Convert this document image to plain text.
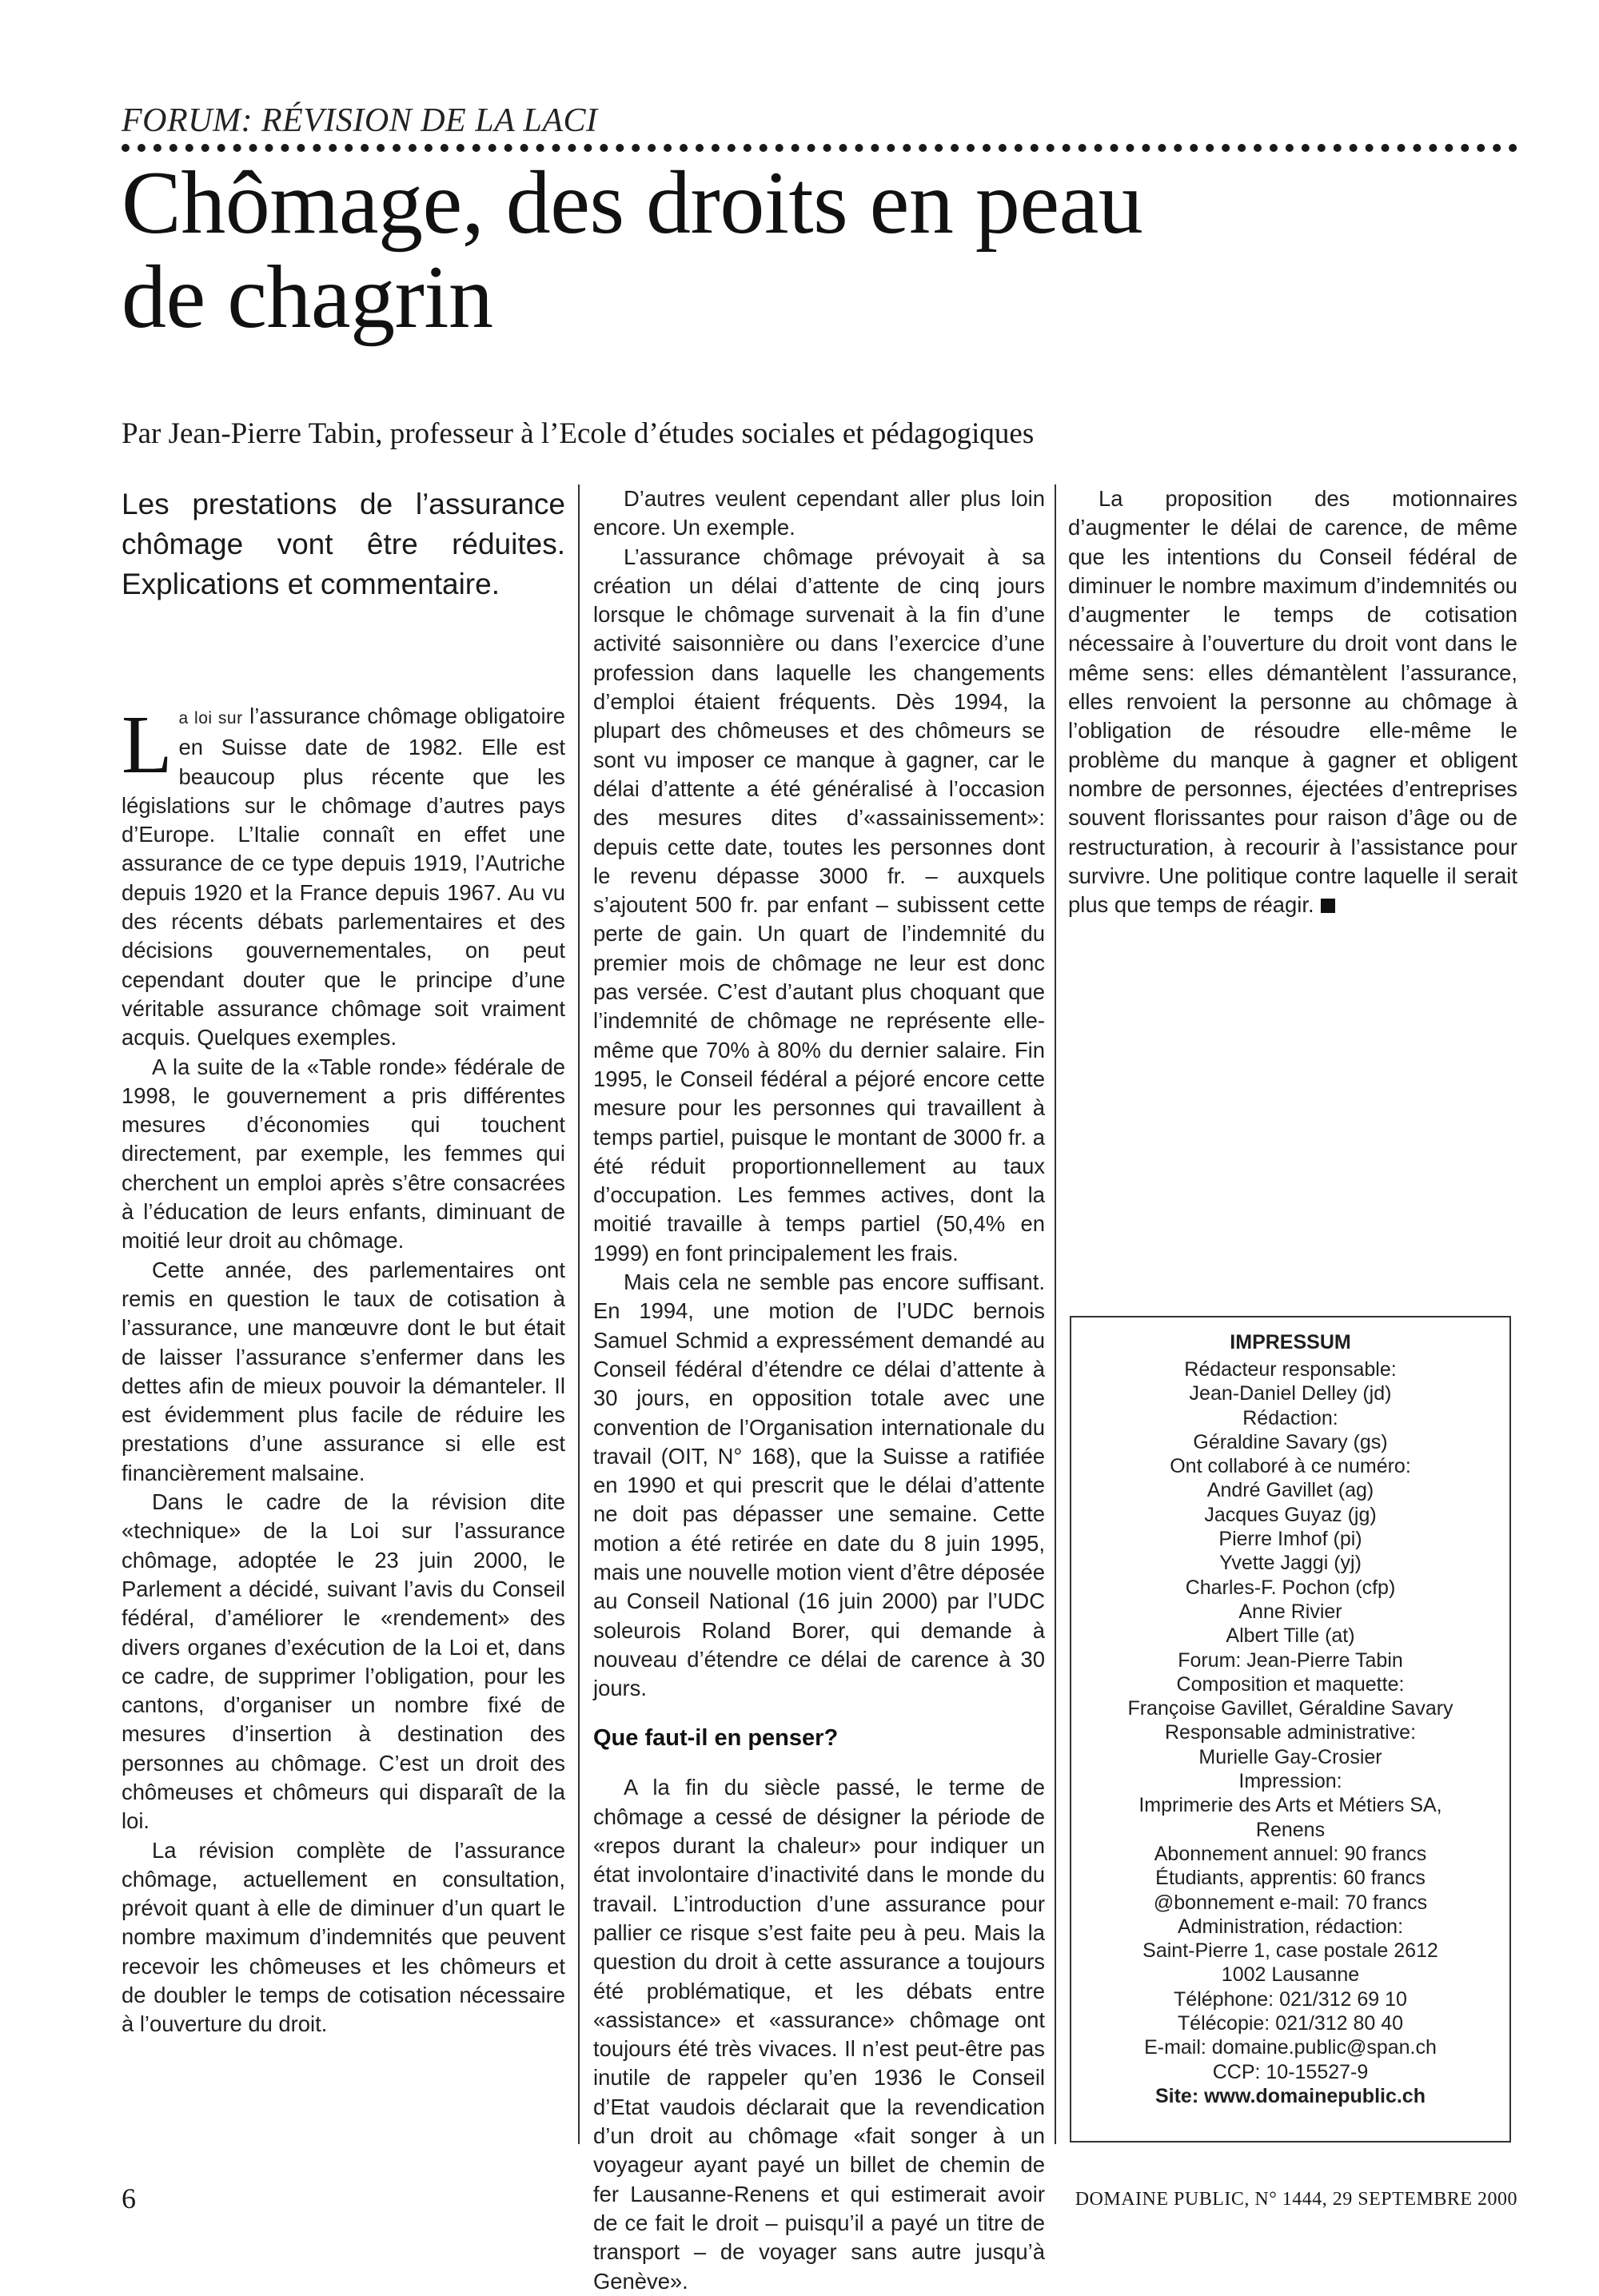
FORUM: RÉVISION DE LA LACI
Chômage, des droits en peau
de chagrin
Par Jean-Pierre Tabin, professeur à l’Ecole d’études sociales et pédagogiques
Les prestations de l’assurance chômage vont être réduites. Explications et commentaire.

La loi sur l’assurance chômage obligatoire en Suisse date de 1982. Elle est beaucoup plus récente que les législations sur le chômage d’autres pays d’Europe. L’Italie connaît en effet une assurance de ce type depuis 1919, l’Autriche depuis 1920 et la France depuis 1967. Au vu des récents débats parlementaires et des décisions gouvernementales, on peut cependant douter que le principe d’une véritable assurance chômage soit vraiment acquis. Quelques exemples.

A la suite de la «Table ronde» fédérale de 1998, le gouvernement a pris différentes mesures d’économies qui touchent directement, par exemple, les femmes qui cherchent un emploi après s’être consacrées à l’éducation de leurs enfants, diminuant de moitié leur droit au chômage.

Cette année, des parlementaires ont remis en question le taux de cotisation à l’assurance, une manœuvre dont le but était de laisser l’assurance s’enfermer dans les dettes afin de mieux pouvoir la démanteler. Il est évidemment plus facile de réduire les prestations d’une assurance si elle est financièrement malsaine.

Dans le cadre de la révision dite «technique» de la Loi sur l’assurance chômage, adoptée le 23 juin 2000, le Parlement a décidé, suivant l’avis du Conseil fédéral, d’améliorer le «rendement» des divers organes d’exécution de la Loi et, dans ce cadre, de supprimer l’obligation, pour les cantons, d’organiser un nombre fixé de mesures d’insertion à destination des personnes au chômage. C’est un droit des chômeuses et chômeurs qui disparaît de la loi.

La révision complète de l’assurance chômage, actuellement en consultation, prévoit quant à elle de diminuer d’un quart le nombre maximum d’indemnités que peuvent recevoir les chômeuses et les chômeurs et de doubler le temps de cotisation nécessaire à l’ouverture du droit.

D’autres veulent cependant aller plus loin encore. Un exemple.

L’assurance chômage prévoyait à sa création un délai d’attente de cinq jours lorsque le chômage survenait à la fin d’une activité saisonnière ou dans l’exercice d’une profession dans laquelle les changements d’emploi étaient fréquents. Dès 1994, la plupart des chômeuses et des chômeurs se sont vu imposer ce manque à gagner, car le délai d’attente a été généralisé à l’occasion des mesures dites d’«assainissement»: depuis cette date, toutes les personnes dont le revenu dépasse 3000 fr. – auxquels s’ajoutent 500 fr. par enfant – subissent cette perte de gain. Un quart de l’indemnité du premier mois de chômage ne leur est donc pas versée. C’est d’autant plus choquant que l’indemnité de chômage ne représente elle-même que 70% à 80% du dernier salaire. Fin 1995, le Conseil fédéral a péjoré encore cette mesure pour les personnes qui travaillent à temps partiel, puisque le montant de 3000 fr. a été réduit proportionnellement au taux d’occupation. Les femmes actives, dont la moitié travaille à temps partiel (50,4% en 1999) en font principalement les frais.

Mais cela ne semble pas encore suffisant. En 1994, une motion de l’UDC bernois Samuel Schmid a expressément demandé au Conseil fédéral d’étendre ce délai d’attente à 30 jours, en opposition totale avec une convention de l’Organisation internationale du travail (OIT, N° 168), que la Suisse a ratifiée en 1990 et qui prescrit que le délai d’attente ne doit pas dépasser une semaine. Cette motion a été retirée en date du 8 juin 1995, mais une nouvelle motion vient d’être déposée au Conseil National (16 juin 2000) par l’UDC soleurois Roland Borer, qui demande à nouveau d’étendre ce délai de carence à 30 jours.

Que faut-il en penser?

A la fin du siècle passé, le terme de chômage a cessé de désigner la période de «repos durant la chaleur» pour indiquer un état involontaire d’inactivité dans le monde du travail. L’introduction d’une assurance pour pallier ce risque s’est faite peu à peu. Mais la question du droit à cette assurance a toujours été problématique, et les débats entre «assistance» et «assurance» chômage ont toujours été très vivaces. Il n’est peut-être pas inutile de rappeler qu’en 1936 le Conseil d’Etat vaudois déclarait que la revendication d’un droit au chômage «fait songer à un voyageur ayant payé un billet de chemin de fer Lausanne-Renens et qui estimerait avoir de ce fait le droit – puisqu’il a payé un titre de transport – de voyager sans autre jusqu’à Genève».

La proposition des motionnaires d’augmenter le délai de carence, de même que les intentions du Conseil fédéral de diminuer le nombre maximum d’indemnités ou d’augmenter le temps de cotisation nécessaire à l’ouverture du droit vont dans le même sens: elles démantèlent l’assurance, elles renvoient la personne au chômage à l’obligation de résoudre elle-même le problème du manque à gagner et obligent nombre de personnes, éjectées d’entreprises souvent florissantes pour raison d’âge ou de restructuration, à recourir à l’assistance pour survivre. Une politique contre laquelle il serait plus que temps de réagir.

IMPRESSUM
Rédacteur responsable:
Jean-Daniel Delley (jd)
Rédaction:
Géraldine Savary (gs)
Ont collaboré à ce numéro:
André Gavillet (ag)
Jacques Guyaz (jg)
Pierre Imhof (pi)
Yvette Jaggi (yj)
Charles-F. Pochon (cfp)
Anne Rivier
Albert Tille (at)
Forum: Jean-Pierre Tabin
Composition et maquette:
Françoise Gavillet, Géraldine Savary
Responsable administrative:
Murielle Gay-Crosier
Impression:
Imprimerie des Arts et Métiers SA,
Renens
Abonnement annuel: 90 francs
Étudiants, apprentis: 60 francs
@bonnement e-mail: 70 francs
Administration, rédaction:
Saint-Pierre 1, case postale 2612
1002 Lausanne
Téléphone: 021/312 69 10
Télécopie: 021/312 80 40
E-mail: domaine.public@span.ch
CCP: 10-15527-9
Site: www.domainepublic.ch
6	DOMAINE PUBLIC, N° 1444, 29 SEPTEMBRE 2000
